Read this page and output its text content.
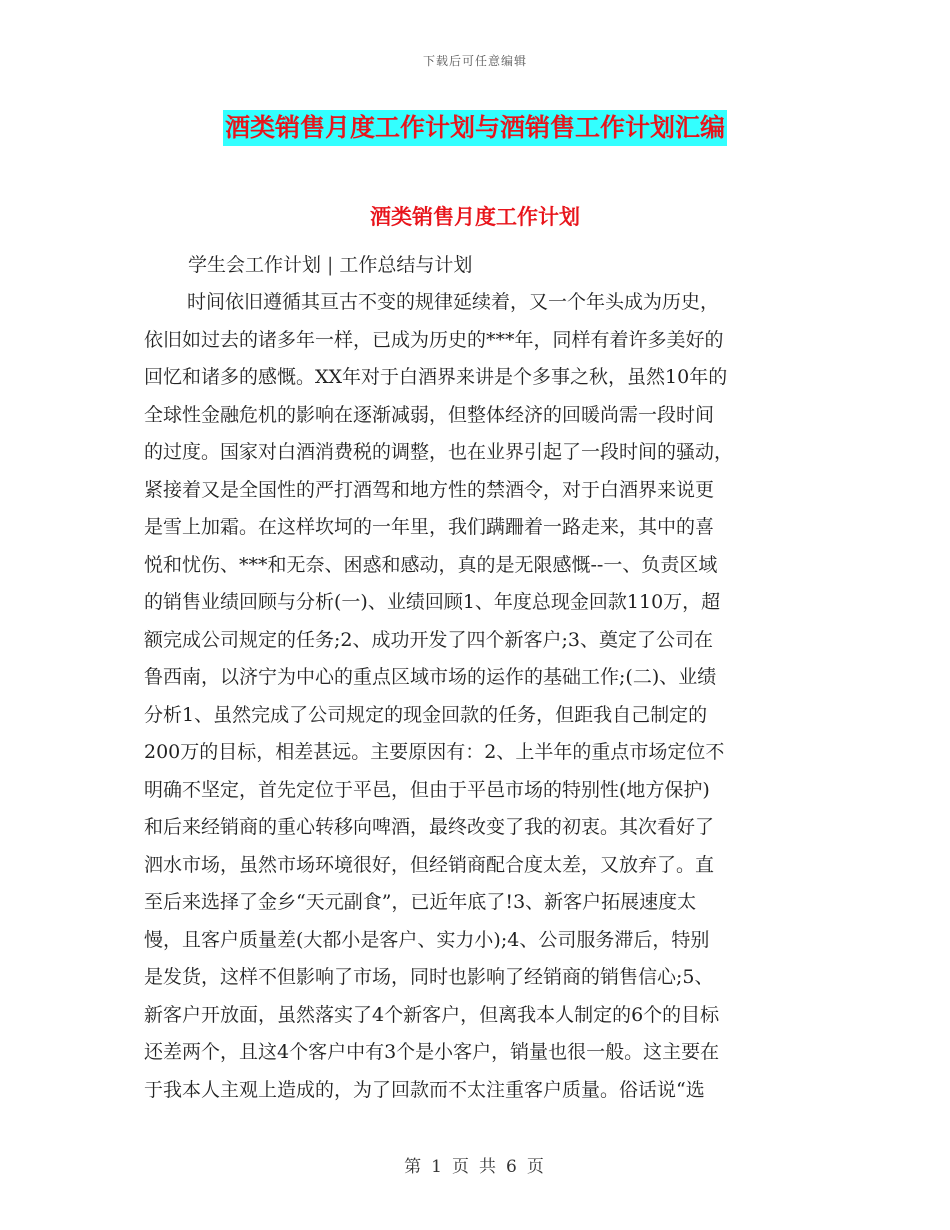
下载后可任意编辑
酒类销售月度工作计划与酒销售工作计划汇编
酒类销售月度工作计划
学生会工作计划 | 工作总结与计划
时间依旧遵循其亘古不变的规律延续着，又一个年头成为历史，
依旧如过去的诸多年一样，已成为历史的***年，同样有着许多美好的
回忆和诸多的感慨。XX年对于白酒界来讲是个多事之秋，虽然10年的
全球性金融危机的影响在逐渐减弱，但整体经济的回暖尚需一段时间
的过度。国家对白酒消费税的调整，也在业界引起了一段时间的骚动，
紧接着又是全国性的严打酒驾和地方性的禁酒令，对于白酒界来说更
是雪上加霜。在这样坎坷的一年里，我们蹒跚着一路走来，其中的喜
悦和忧伤、***和无奈、困惑和感动，真的是无限感慨--一、负责区域
的销售业绩回顾与分析(一)、业绩回顾1、年度总现金回款110万，超
额完成公司规定的任务;2、成功开发了四个新客户;3、奠定了公司在
鲁西南，以济宁为中心的重点区域市场的运作的基础工作;(二)、业绩
分析1、虽然完成了公司规定的现金回款的任务，但距我自己制定的
200万的目标，相差甚远。主要原因有：2、上半年的重点市场定位不
明确不坚定，首先定位于平邑，但由于平邑市场的特别性(地方保护)
和后来经销商的重心转移向啤酒，最终改变了我的初衷。其次看好了
泗水市场，虽然市场环境很好，但经销商配合度太差，又放弃了。直
至后来选择了金乡“天元副食”，已近年底了!3、新客户拓展速度太
慢，且客户质量差(大都小是客户、实力小);4、公司服务滞后，特别
是发货，这样不但影响了市场，同时也影响了经销商的销售信心;5、
新客户开放面，虽然落实了4个新客户，但离我本人制定的6个的目标
还差两个，且这4个客户中有3个是小客户，销量也很一般。这主要在
于我本人主观上造成的，为了回款而不太注重客户质量。俗话说“选
第 1 页 共 6 页
